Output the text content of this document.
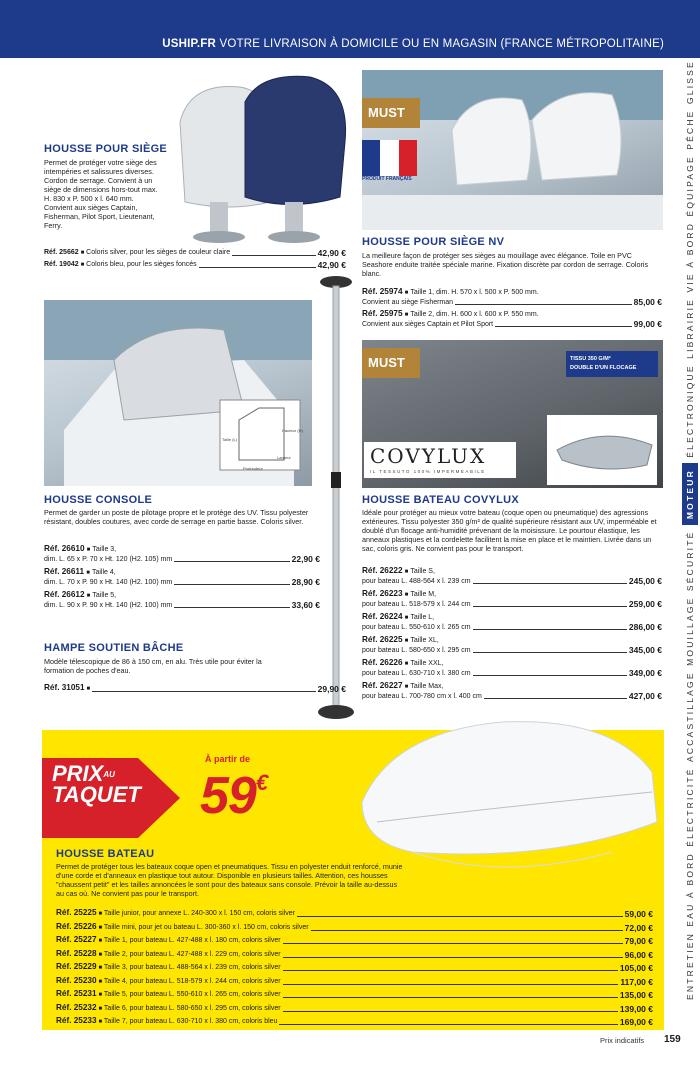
USHIP.FR VOTRE LIVRAISON À DOMICILE OU EN MAGASIN (FRANCE MÉTROPOLITAINE)
ENTRETIEN
EAU À BORD
ÉLECTRICITÉ
ACCASTILLAGE
MOUILLAGE
SÉCURITÉ
MOTEUR
ÉLECTRONIQUE
LIBRAIRIE
VIE À BORD
ÉQUIPAGE
PÊCHE
GLISSE
HOUSSE POUR SIÈGE
Permet de protéger votre siège des intempéries et salissures diverses. Cordon de serrage. Convient à un siège de dimensions hors-tout max. H. 830 x P. 500 x l. 640 mm. Convient aux sièges Captain, Fisherman, Pilot Sport, Lieutenant, Ferry.
Réf. 25662 ■ Coloris silver, pour les sièges de couleur claire	42,90 €
Réf. 19042 ■ Coloris bleu, pour les sièges foncés	42,90 €
MUST
PRODUIT FRANÇAIS
HOUSSE POUR SIÈGE NV
La meilleure façon de protéger ses sièges au mouillage avec élégance. Toile en PVC Seashore enduite traitée spéciale marine. Fixation discrète par cordon de serrage. Coloris blanc.
Réf. 25974 ■ Taille 1, dim. H. 570 x l. 500 x P. 500 mm.
Convient au siège Fisherman	85,00 €
Réf. 25975 ■ Taille 2, dim. H. 600 x l. 600 x P. 550 mm.
Convient aux sièges Captain et Pilot Sport	99,00 €
Taille (L)
Hauteur (H)
Largeur
Profondeur
HOUSSE CONSOLE
Permet de garder un poste de pilotage propre et le protège des UV. Tissu polyester résistant, doubles coutures, avec corde de serrage en partie basse. Coloris silver.
Réf. 26610 ■ Taille 3,
dim. L. 65 x P. 70 x Ht. 120 (H2. 105) mm	22,90 €
Réf. 26611 ■ Taille 4,
dim. L. 70 x P. 90 x Ht. 140 (H2. 100) mm	28,90 €
Réf. 26612 ■ Taille 5,
dim. L. 90 x P. 90 x Ht. 140 (H2. 100) mm	33,60 €
HAMPE SOUTIEN BÂCHE
Modèle télescopique de 86 à 150 cm, en alu. Très utile pour éviter la formation de poches d'eau.
Réf. 31051 ■	29,90 €
MUST	TISSU 350 G/M²
DOUBLE D'UN FLOCAGE
COVYLUX
IL TESSUTO 100% IMPERMEABILE
HOUSSE BATEAU COVYLUX
Idéale pour protéger au mieux votre bateau (coque open ou pneumatique) des agressions extérieures. Tissu polyester 350 g/m² de qualité supérieure résistant aux UV, imperméable et doublé d'un flocage anti-humidité prévenant de la moisissure. Le pourtour élastique, les anneaux plastiques et la cordelette facilitent la mise en place et le maintien. Livrée dans un sac, coloris gris. Ne convient pas pour le transport.
Réf. 26222 ■ Taille S,
pour bateau L. 488-564 x l. 239 cm	245,00 €
Réf. 26223 ■ Taille M,
pour bateau L. 518-579 x l. 244 cm	259,00 €
Réf. 26224 ■ Taille L,
pour bateau L. 550-610 x l. 265 cm	286,00 €
Réf. 26225 ■ Taille XL,
pour bateau L. 580-650 x l. 295 cm	345,00 €
Réf. 26226 ■ Taille XXL,
pour bateau L. 630-710 x l. 380 cm	349,00 €
Réf. 26227 ■ Taille Max,
pour bateau L. 700-780 cm x l. 400 cm	427,00 €
PRIXAU
TAQUET
À partir de
59€
HOUSSE BATEAU
Permet de protéger tous les bateaux coque open et pneumatiques. Tissu en polyester enduit renforcé, munie d'une corde et d'anneaux en plastique tout autour. Disponible en plusieurs tailles. Attention, ces housses "chaussent petit" et les tailles annoncées le sont pour des bateaux sans console. Prévoir la taille au-dessus au cas où. Ne convient pas pour le transport.
Réf. 25225 ■ Taille junior, pour annexe L. 240-300 x l. 150 cm, coloris silver	59,00 €
Réf. 25226 ■ Taille mini, pour jet ou bateau L. 300-360 x l. 150 cm, coloris silver	72,00 €
Réf. 25227 ■ Taille 1, pour bateau L. 427-488 x l. 180 cm, coloris silver	79,00 €
Réf. 25228 ■ Taille 2, pour bateau L. 427-488 x l. 229 cm, coloris silver	96,00 €
Réf. 25229 ■ Taille 3, pour bateau L. 488-564 x l. 239 cm, coloris silver	105,00 €
Réf. 25230 ■ Taille 4, pour bateau L. 518-579 x l. 244 cm, coloris silver	117,00 €
Réf. 25231 ■ Taille 5, pour bateau L. 550-610 x l. 265 cm, coloris silver	135,00 €
Réf. 25232 ■ Taille 6, pour bateau L. 580-650 x l. 295 cm, coloris silver	139,00 €
Réf. 25233 ■ Taille 7, pour bateau L. 630-710 x l. 380 cm, coloris bleu	169,00 €
Prix indicatifs 159
